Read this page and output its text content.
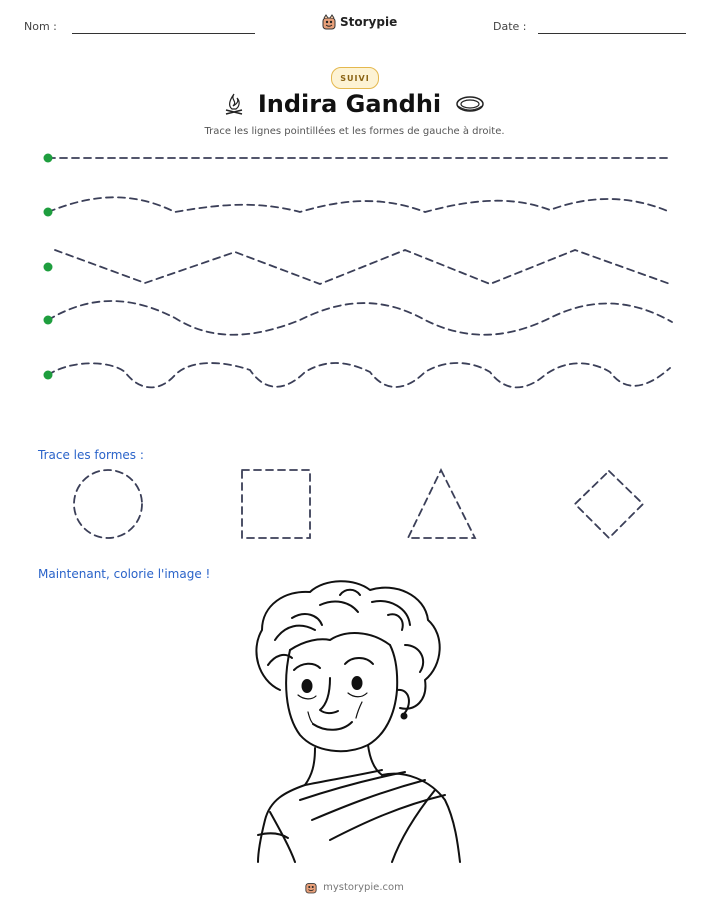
Nom :	Storypie	Date :
SUIVI
Indira Gandhi
Trace les lignes pointillées et les formes de gauche à droite.
Trace les formes :
Maintenant, colorie l'image !
mystorypie.com
